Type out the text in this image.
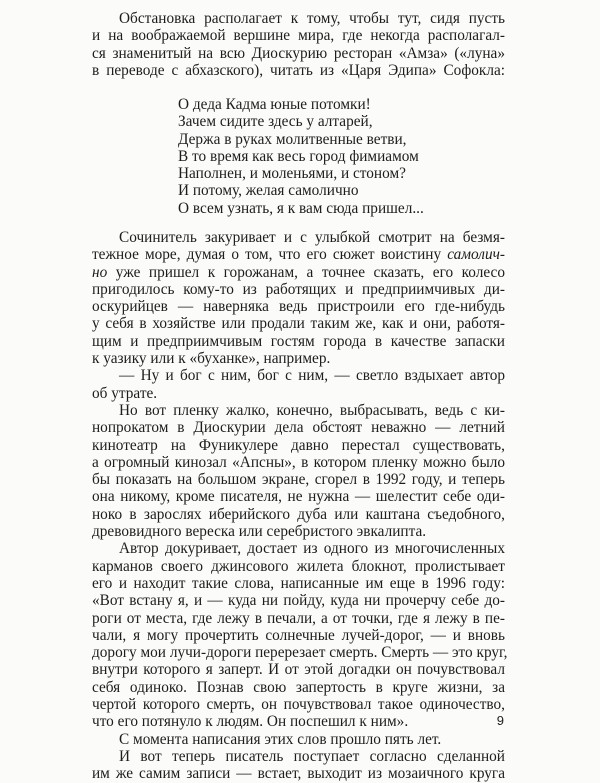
Обстановка располагает к тому, чтобы тут, сидя пусть
и на воображаемой вершине мира, где некогда располагал-
ся знаменитый на всю Диоскурию ресторан «Амза» («луна»
в переводе с абхазского), читать из «Царя Эдипа» Софокла:
О деда Кадма юные потомки!
Зачем сидите здесь у алтарей,
Держа в руках молитвенные ветви,
В то время как весь город фимиамом
Наполнен, и моленьями, и стоном?
И потому, желая самолично
О всем узнать, я к вам сюда пришел...
Сочинитель закуривает и с улыбкой смотрит на безмя-
тежное море, думая о том, что его сюжет воистину самолич-
но уже пришел к горожанам, а точнее сказать, его колесо
пригодилось кому-то из работящих и предприимчивых ди-
оскурийцев — наверняка ведь пристроили его где-нибудь
у себя в хозяйстве или продали таким же, как и они, работя-
щим и предприимчивым гостям города в качестве запаски
к уазику или к «буханке», например.
— Ну и бог с ним, бог с ним, — светло вздыхает автор
об утрате.
Но вот пленку жалко, конечно, выбрасывать, ведь с ки-
нопрокатом в Диоскурии дела обстоят неважно — летний
кинотеатр на Фуникулере давно перестал существовать,
а огромный кинозал «Апсны», в котором пленку можно было
бы показать на большом экране, сгорел в 1992 году, и теперь
она никому, кроме писателя, не нужна — шелестит себе оди-
ноко в зарослях иберийского дуба или каштана съедобного,
древовидного вереска или серебристого эвкалипта.
Автор докуривает, достает из одного из многочисленных
карманов своего джинсового жилета блокнот, пролистывает
его и находит такие слова, написанные им еще в 1996 году:
«Вот встану я, и — куда ни пойду, куда ни прочерчу себе до-
роги от места, где лежу в печали, а от точки, где я лежу в пе-
чали, я могу прочертить солнечные лучей-дорог, — и вновь
дорогу мои лучи-дороги перерезает смерть. Смерть — это круг,
внутри которого я заперт. И от этой догадки он почувствовал
себя одиноко. Познав свою запертость в круге жизни, за
чертой которого смерть, он почувствовал такое одиночество,
что его потянуло к людям. Он поспешил к ним».
С момента написания этих слов прошло пять лет.
И вот теперь писатель поступает согласно сделанной
им же самим записи — встает, выходит из мозаичного круга
9
